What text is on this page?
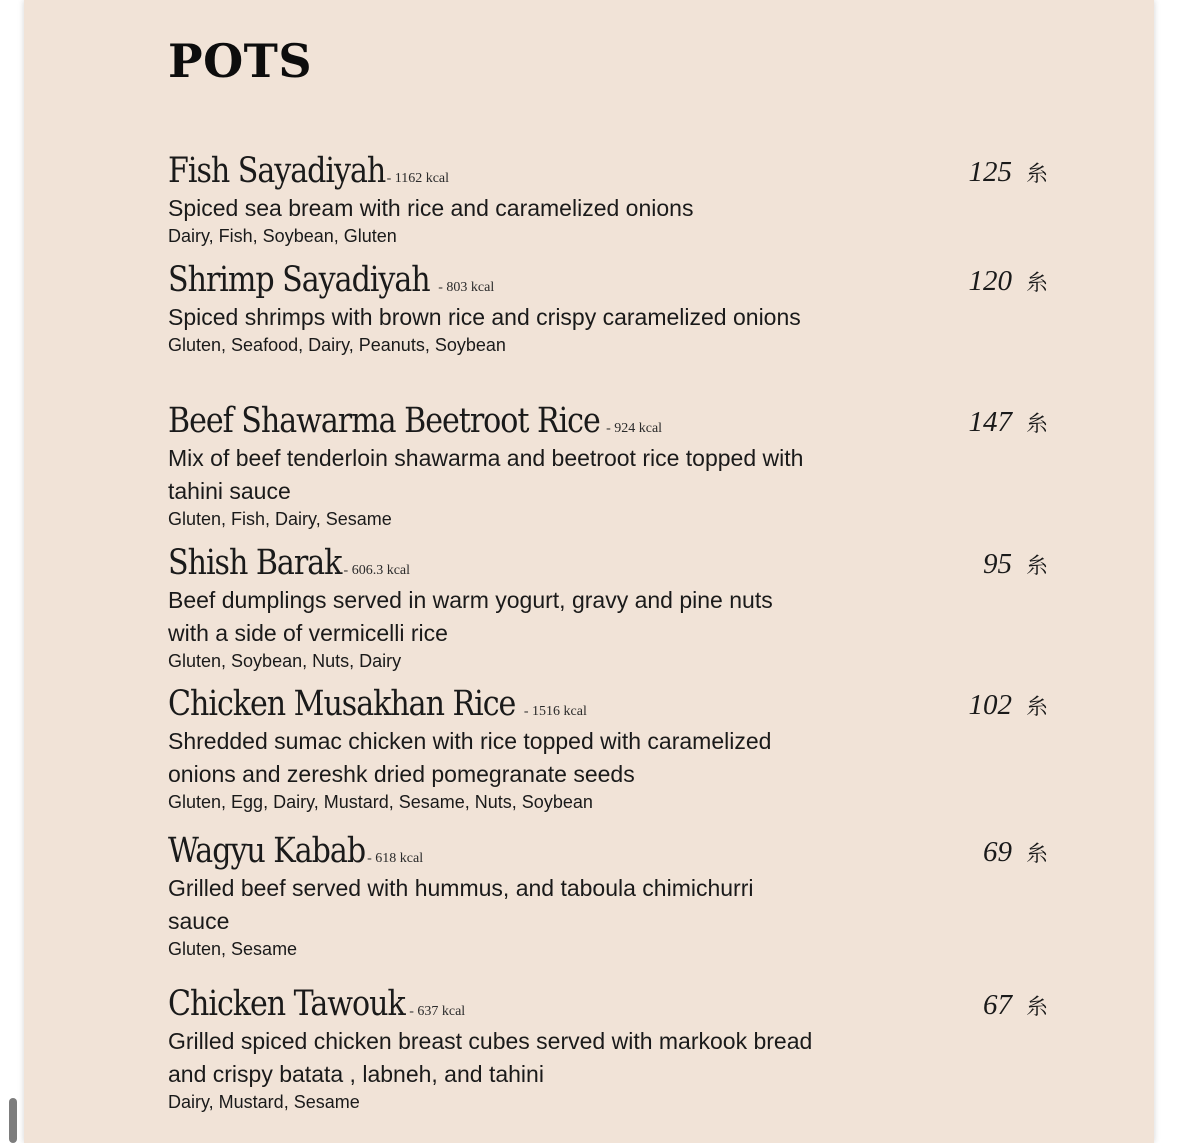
POTS
Fish Sayadiyah - 1162 kcal	125 ⽷
Spiced sea bream with rice and caramelized onions
Dairy, Fish, Soybean, Gluten
Shrimp Sayadiyah - 803 kcal	120 ⽷
Spiced shrimps with brown rice and crispy caramelized onions
Gluten, Seafood, Dairy, Peanuts, Soybean
Beef Shawarma Beetroot Rice - 924 kcal	147 ⽷
Mix of beef tenderloin shawarma and beetroot rice topped with tahini sauce
Gluten, Fish, Dairy, Sesame
Shish Barak - 606.3 kcal	95 ⽷
Beef dumplings served in warm yogurt, gravy and pine nuts with a side of vermicelli rice
Gluten, Soybean, Nuts, Dairy
Chicken Musakhan Rice - 1516 kcal	102 ⽷
Shredded sumac chicken with rice topped with caramelized onions and zereshk dried pomegranate seeds
Gluten, Egg, Dairy, Mustard, Sesame, Nuts, Soybean
Wagyu Kabab - 618 kcal	69 ⽷
Grilled beef served with hummus, and taboula chimichurri sauce
Gluten, Sesame
Chicken Tawouk - 637 kcal	67 ⽷
Grilled spiced chicken breast cubes served with markook bread and crispy batata , labneh, and tahini
Dairy, Mustard, Sesame
